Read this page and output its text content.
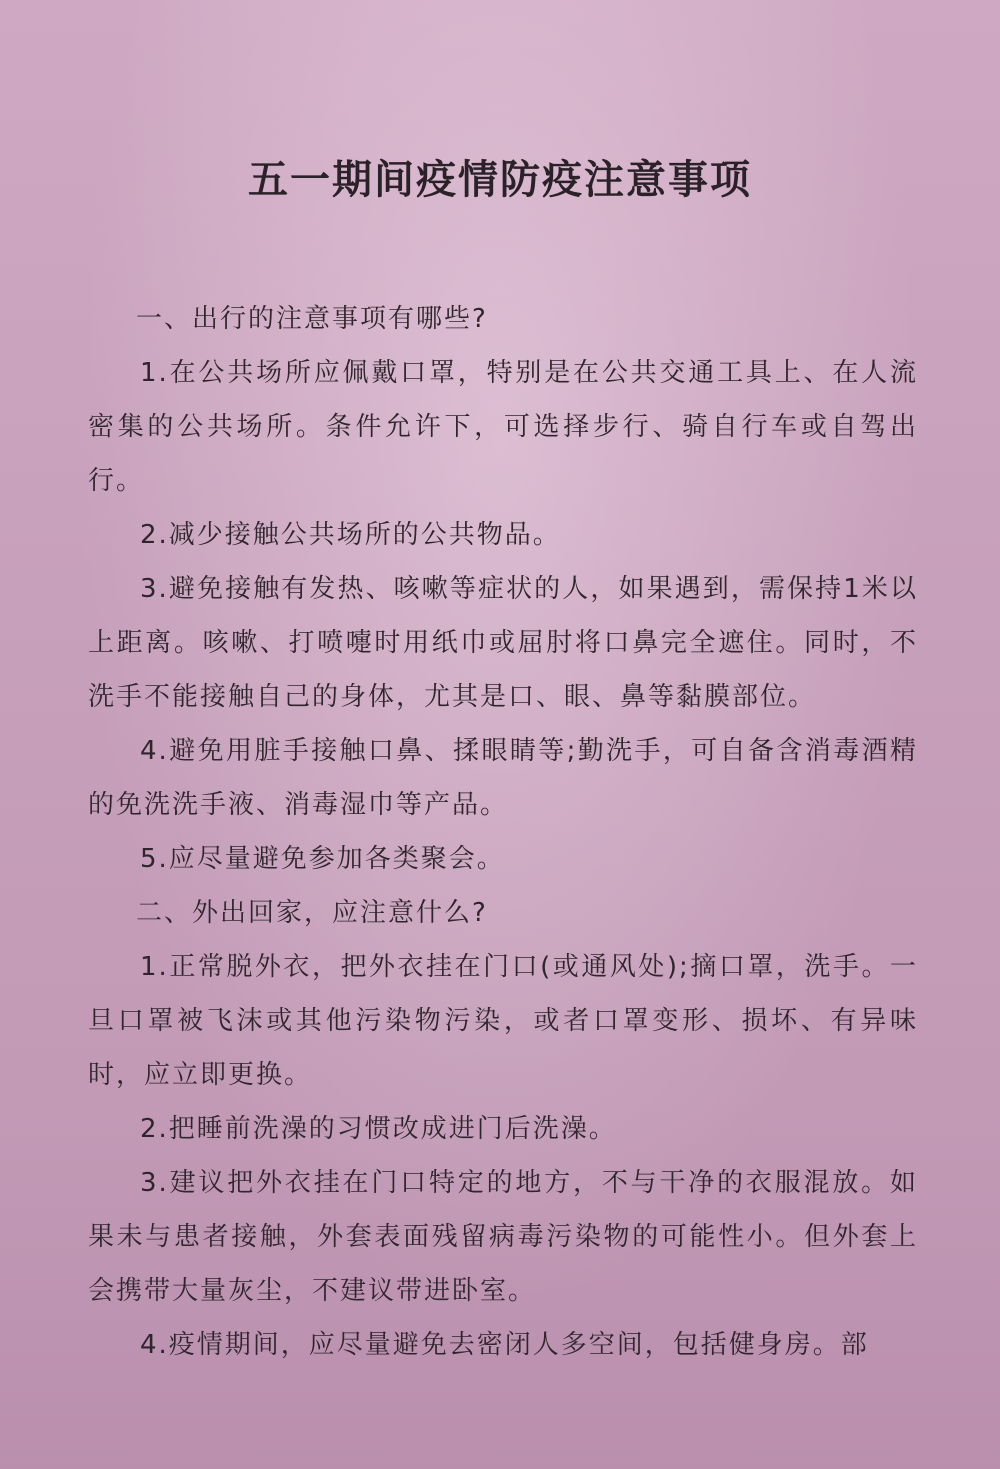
五一期间疫情防疫注意事项

一、出行的注意事项有哪些?

1.在公共场所应佩戴口罩，特别是在公共交通工具上、在人流密集的公共场所。条件允许下，可选择步行、骑自行车或自驾出行。

2.减少接触公共场所的公共物品。

3.避免接触有发热、咳嗽等症状的人，如果遇到，需保持1米以上距离。咳嗽、打喷嚏时用纸巾或屈肘将口鼻完全遮住。同时，不洗手不能接触自己的身体，尤其是口、眼、鼻等黏膜部位。

4.避免用脏手接触口鼻、揉眼睛等;勤洗手，可自备含消毒酒精的免洗洗手液、消毒湿巾等产品。

5.应尽量避免参加各类聚会。

二、外出回家，应注意什么?

1.正常脱外衣，把外衣挂在门口(或通风处);摘口罩，洗手。一旦口罩被飞沫或其他污染物污染，或者口罩变形、损坏、有异味时，应立即更换。

2.把睡前洗澡的习惯改成进门后洗澡。

3.建议把外衣挂在门口特定的地方，不与干净的衣服混放。如果未与患者接触，外套表面残留病毒污染物的可能性小。但外套上会携带大量灰尘，不建议带进卧室。

4.疫情期间，应尽量避免去密闭人多空间，包括健身房。部
